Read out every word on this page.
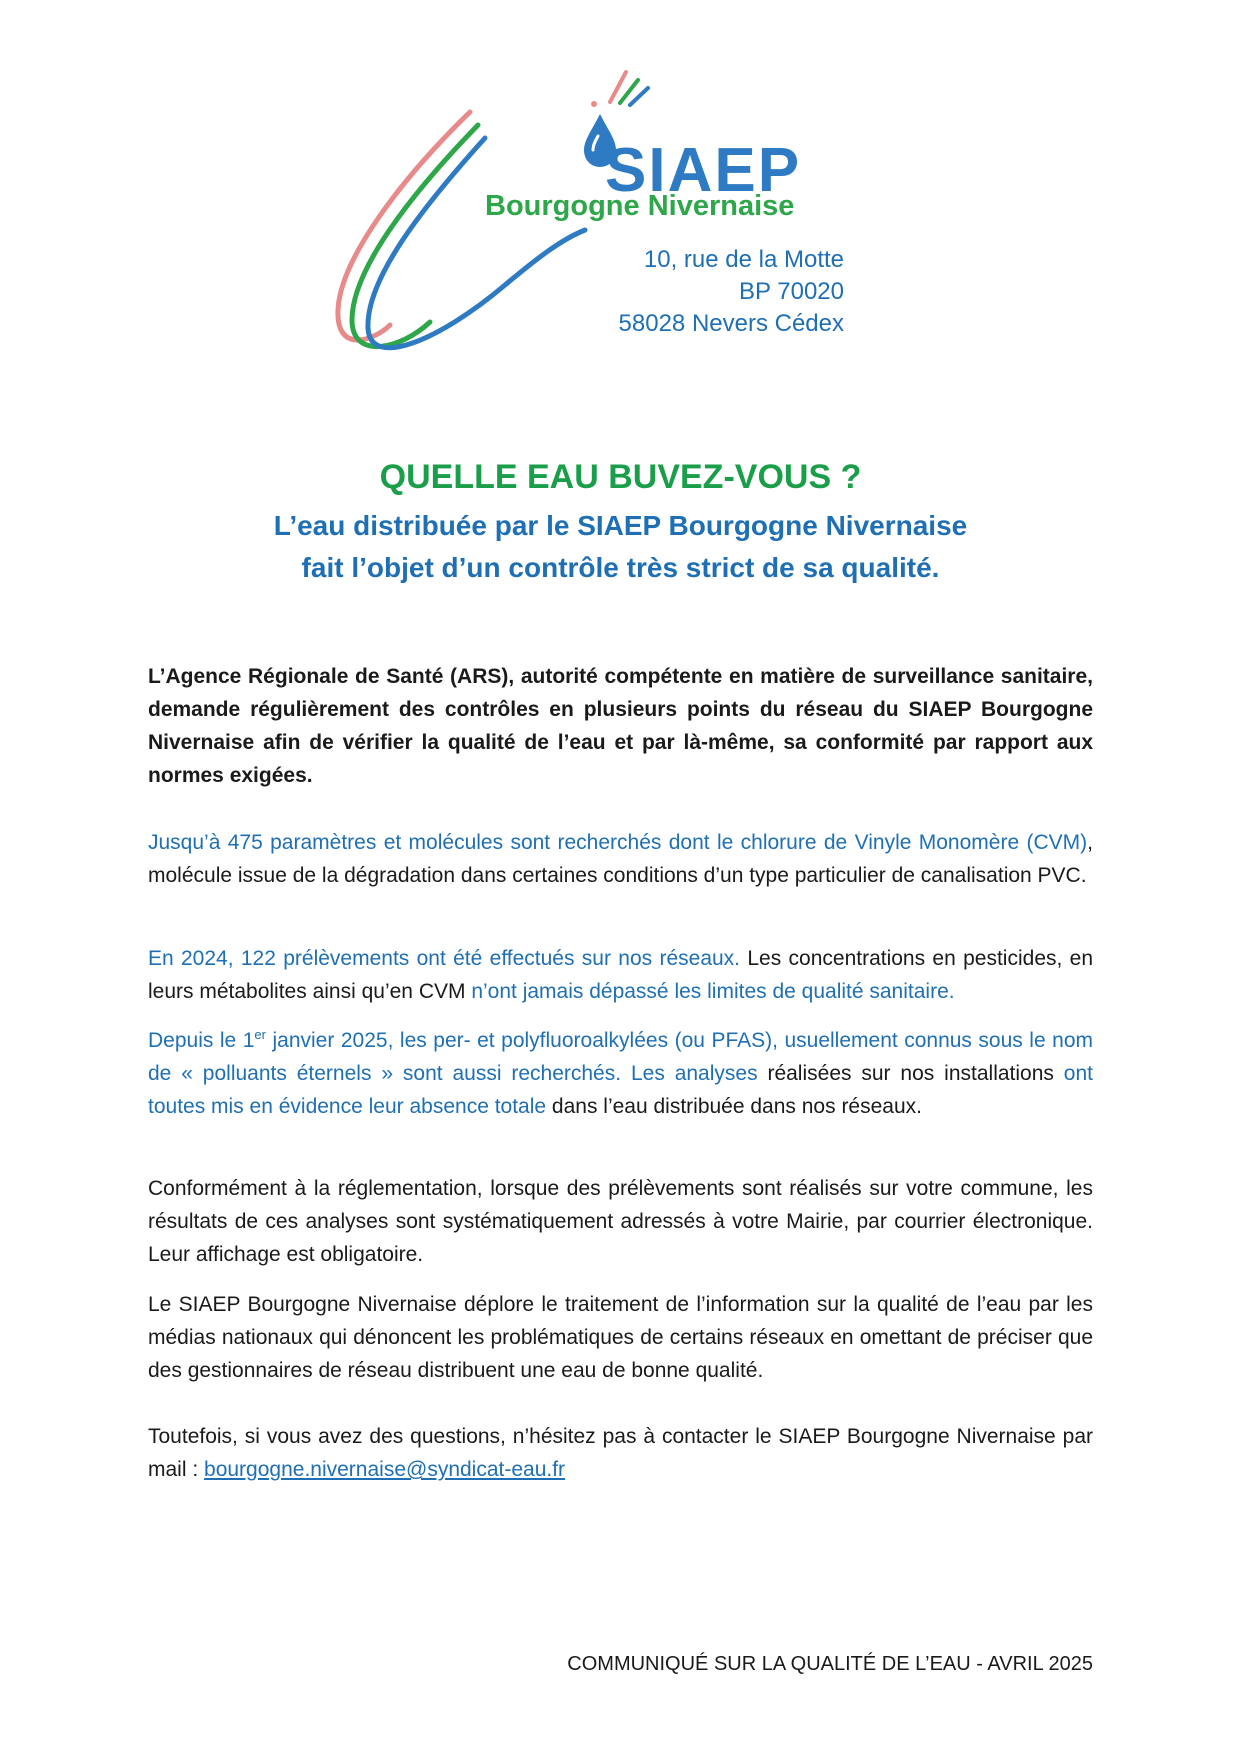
SIAEP
Bourgogne Nivernaise
10, rue de la Motte
BP 70020
58028 Nevers Cédex
QUELLE EAU BUVEZ-VOUS ?
L’eau distribuée par le SIAEP Bourgogne Nivernaise
fait l’objet d’un contrôle très strict de sa qualité.
L’Agence Régionale de Santé (ARS), autorité compétente en matière de surveillance sanitaire, demande régulièrement des contrôles en plusieurs points du réseau du SIAEP Bourgogne Nivernaise afin de vérifier la qualité de l’eau et par là-même, sa conformité par rapport aux normes exigées.
Jusqu’à 475 paramètres et molécules sont recherchés dont le chlorure de Vinyle Monomère (CVM), molécule issue de la dégradation dans certaines conditions d’un type particulier de canalisation PVC.
En 2024, 122 prélèvements ont été effectués sur nos réseaux. Les concentrations en pesticides, en leurs métabolites ainsi qu’en CVM n’ont jamais dépassé les limites de qualité sanitaire.
Depuis le 1er janvier 2025, les per- et polyfluoroalkylées (ou PFAS), usuellement connus sous le nom de « polluants éternels » sont aussi recherchés. Les analyses réalisées sur nos installations ont toutes mis en évidence leur absence totale dans l’eau distribuée dans nos réseaux.
Conformément à la réglementation, lorsque des prélèvements sont réalisés sur votre commune, les résultats de ces analyses sont systématiquement adressés à votre Mairie, par courrier électronique. Leur affichage est obligatoire.
Le SIAEP Bourgogne Nivernaise déplore le traitement de l’information sur la qualité de l’eau par les médias nationaux qui dénoncent les problématiques de certains réseaux en omettant de préciser que des gestionnaires de réseau distribuent une eau de bonne qualité.
Toutefois, si vous avez des questions, n’hésitez pas à contacter le SIAEP Bourgogne Nivernaise par mail : bourgogne.nivernaise@syndicat-eau.fr
COMMUNIQUÉ SUR LA QUALITÉ DE L’EAU - AVRIL 2025
